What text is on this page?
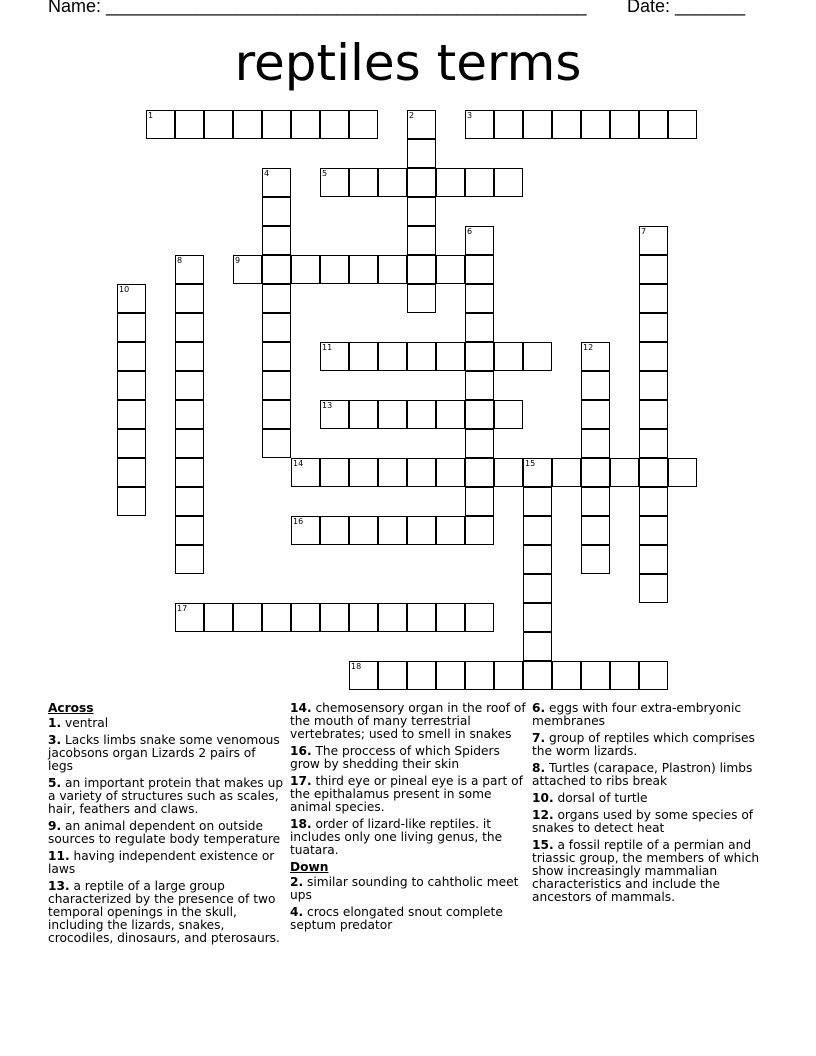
Name: ________________________________________________ Date: _______
reptiles terms
1	2	3
4	5
6	7
8	9
10
11	12
13
14	15
16
17
18
Across
1. ventral
3. Lacks limbs snake some venomous jacobsons organ Lizards 2 pairs of legs
5. an important protein that makes up a variety of structures such as scales, hair, feathers and claws.
9. an animal dependent on outside sources to regulate body temperature
11. having independent existence or laws
13. a reptile of a large group characterized by the presence of two temporal openings in the skull, including the lizards, snakes, crocodiles, dinosaurs, and pterosaurs.
14. chemosensory organ in the roof of the mouth of many terrestrial vertebrates; used to smell in snakes
16. The proccess of which Spiders grow by shedding their skin
17. third eye or pineal eye is a part of the epithalamus present in some animal species.
18. order of lizard-like reptiles. it includes only one living genus, the tuatara.
Down
2. similar sounding to cahtholic meet ups
4. crocs elongated snout complete septum predator
6. eggs with four extra-embryonic membranes
7. group of reptiles which comprises the worm lizards.
8. Turtles (carapace, Plastron) limbs attached to ribs break
10. dorsal of turtle
12. organs used by some species of snakes to detect heat
15. a fossil reptile of a permian and triassic group, the members of which show increasingly mammalian characteristics and include the ancestors of mammals.
